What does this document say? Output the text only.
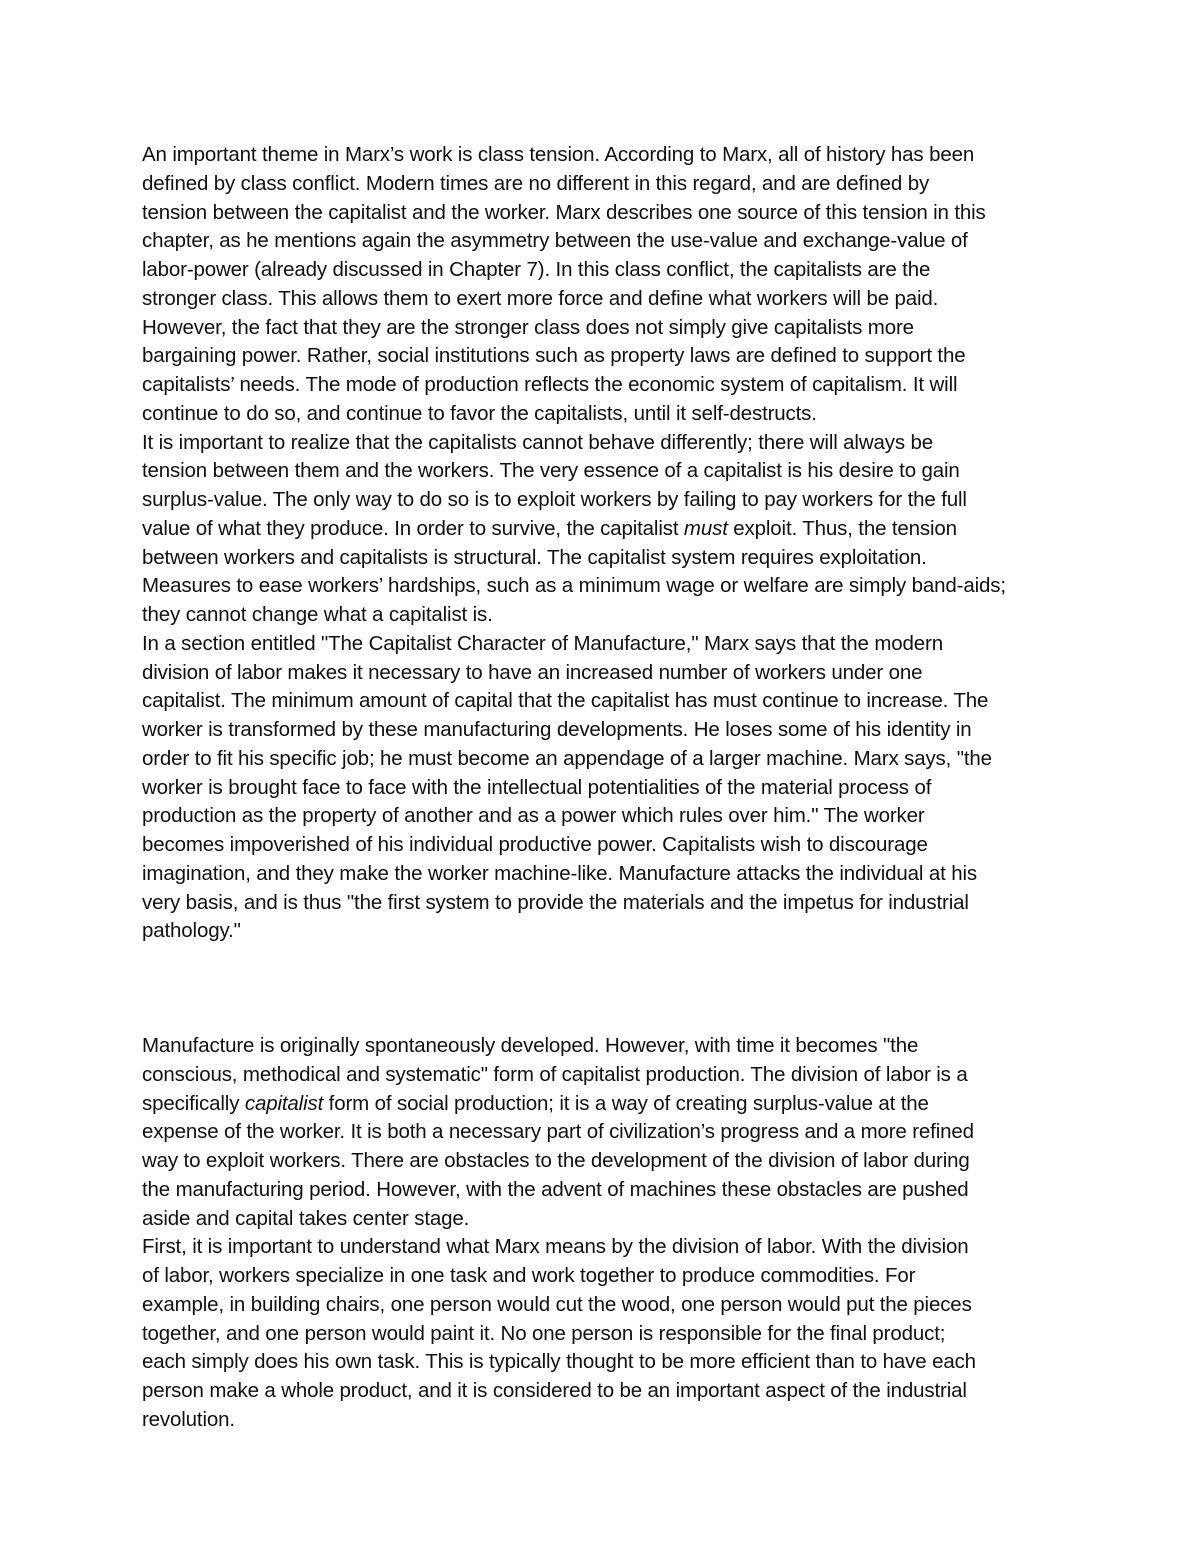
An important theme in Marx’s work is class tension. According to Marx, all of history has been
defined by class conflict. Modern times are no different in this regard, and are defined by
tension between the capitalist and the worker. Marx describes one source of this tension in this
chapter, as he mentions again the asymmetry between the use-value and exchange-value of
labor-power (already discussed in Chapter 7). In this class conflict, the capitalists are the
stronger class. This allows them to exert more force and define what workers will be paid.
However, the fact that they are the stronger class does not simply give capitalists more
bargaining power. Rather, social institutions such as property laws are defined to support the
capitalists’ needs. The mode of production reflects the economic system of capitalism. It will
continue to do so, and continue to favor the capitalists, until it self-destructs.
It is important to realize that the capitalists cannot behave differently; there will always be
tension between them and the workers. The very essence of a capitalist is his desire to gain
surplus-value. The only way to do so is to exploit workers by failing to pay workers for the full
value of what they produce. In order to survive, the capitalist must exploit. Thus, the tension
between workers and capitalists is structural. The capitalist system requires exploitation.
Measures to ease workers’ hardships, such as a minimum wage or welfare are simply band-aids;
they cannot change what a capitalist is.
In a section entitled "The Capitalist Character of Manufacture," Marx says that the modern
division of labor makes it necessary to have an increased number of workers under one
capitalist. The minimum amount of capital that the capitalist has must continue to increase. The
worker is transformed by these manufacturing developments. He loses some of his identity in
order to fit his specific job; he must become an appendage of a larger machine. Marx says, "the
worker is brought face to face with the intellectual potentialities of the material process of
production as the property of another and as a power which rules over him." The worker
becomes impoverished of his individual productive power. Capitalists wish to discourage
imagination, and they make the worker machine-like. Manufacture attacks the individual at his
very basis, and is thus "the first system to provide the materials and the impetus for industrial
pathology."
Manufacture is originally spontaneously developed. However, with time it becomes "the
conscious, methodical and systematic" form of capitalist production. The division of labor is a
specifically capitalist form of social production; it is a way of creating surplus-value at the
expense of the worker. It is both a necessary part of civilization’s progress and a more refined
way to exploit workers. There are obstacles to the development of the division of labor during
the manufacturing period. However, with the advent of machines these obstacles are pushed
aside and capital takes center stage.
First, it is important to understand what Marx means by the division of labor. With the division
of labor, workers specialize in one task and work together to produce commodities. For
example, in building chairs, one person would cut the wood, one person would put the pieces
together, and one person would paint it. No one person is responsible for the final product;
each simply does his own task. This is typically thought to be more efficient than to have each
person make a whole product, and it is considered to be an important aspect of the industrial
revolution.
